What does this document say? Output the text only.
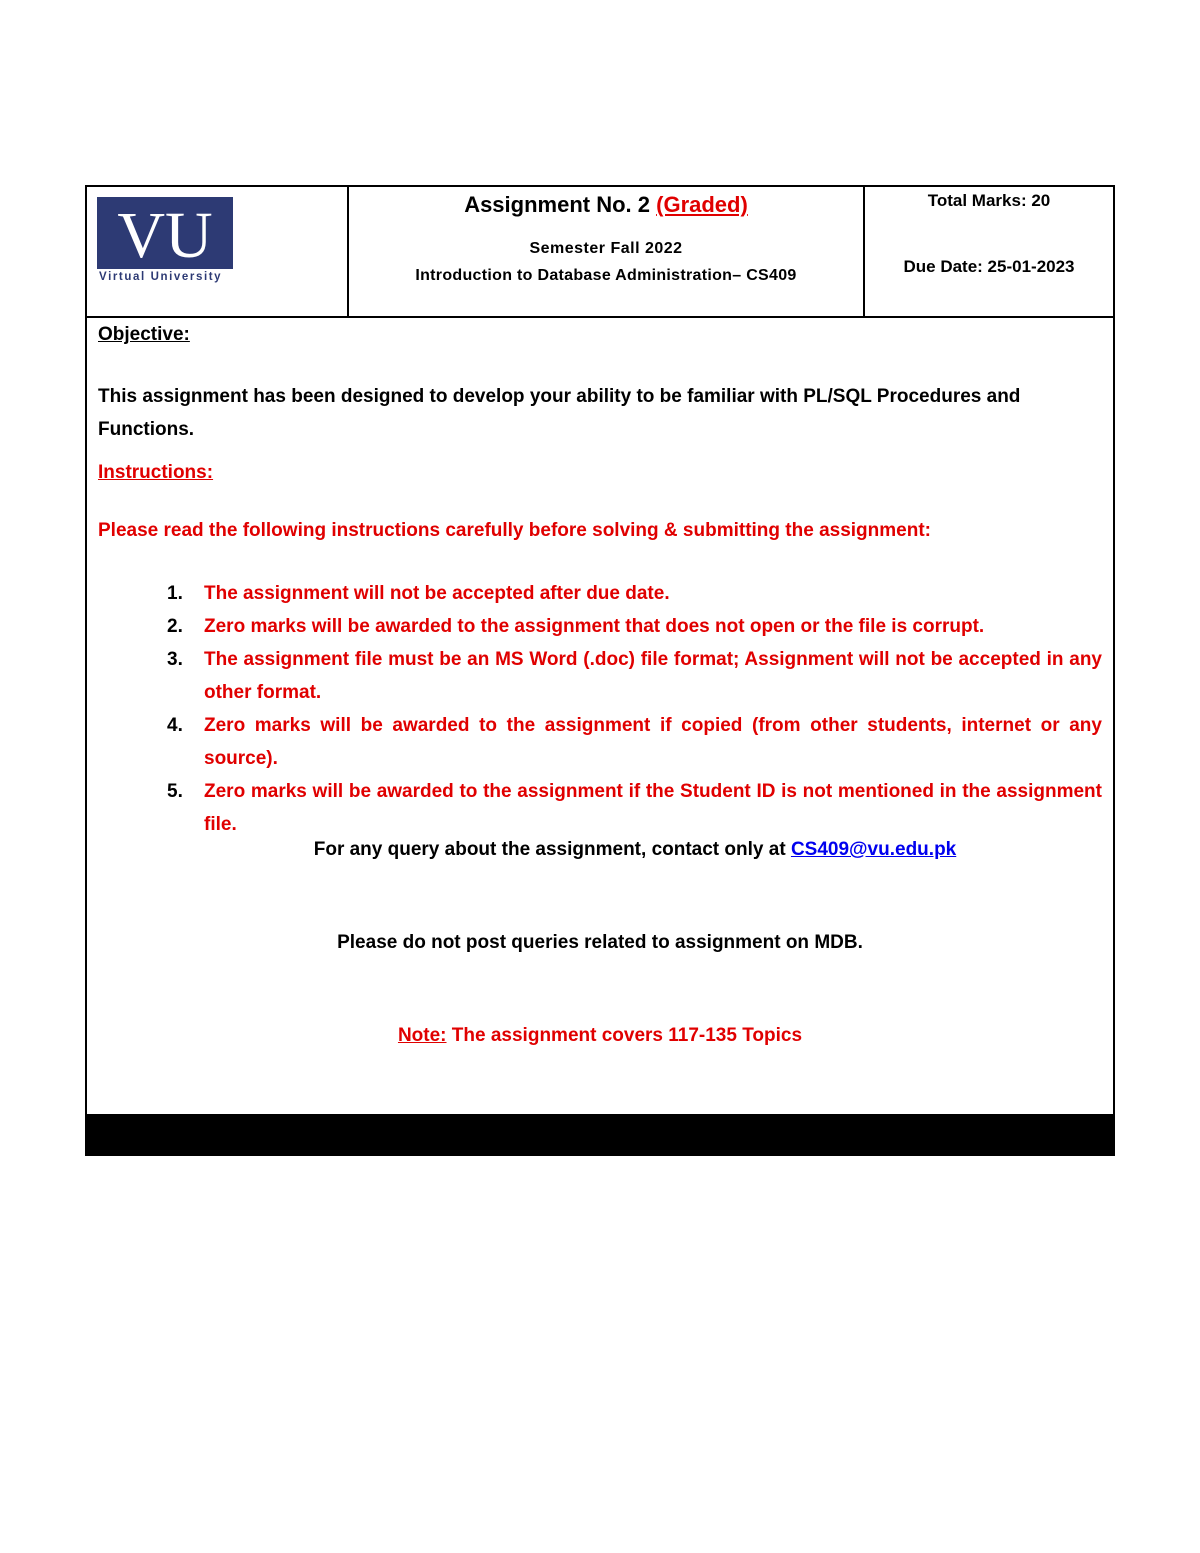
VU
Virtual University
Assignment No. 2 (Graded)
Semester Fall 2022
Introduction to Database Administration– CS409
Total Marks: 20
Due Date: 25-01-2023
Objective:
This assignment has been designed to develop your ability to be familiar with PL/SQL Procedures and Functions.
Instructions:
Please read the following instructions carefully before solving & submitting the assignment:
1. The assignment will not be accepted after due date.
2. Zero marks will be awarded to the assignment that does not open or the file is corrupt.
3. The assignment file must be an MS Word (.doc) file format; Assignment will not be accepted in any other format.
4. Zero marks will be awarded to the assignment if copied (from other students, internet or any source).
5. Zero marks will be awarded to the assignment if the Student ID is not mentioned in the assignment file.
For any query about the assignment, contact only at CS409@vu.edu.pk
Please do not post queries related to assignment on MDB.
Note: The assignment covers 117-135 Topics
